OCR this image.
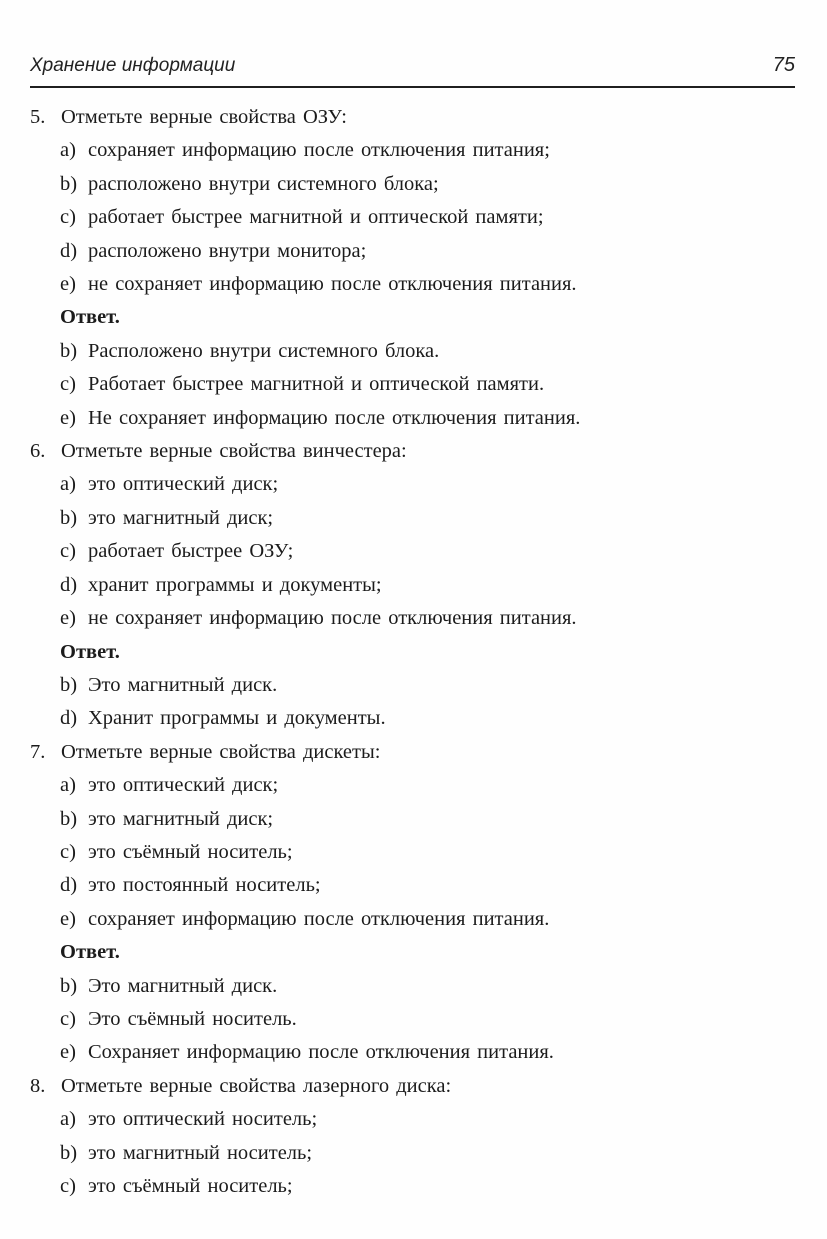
Хранение информации	75
5. Отметьте верные свойства ОЗУ:
a) сохраняет информацию после отключения питания;
b) расположено внутри системного блока;
c) работает быстрее магнитной и оптической памяти;
d) расположено внутри монитора;
e) не сохраняет информацию после отключения питания.
Ответ.
b) Расположено внутри системного блока.
c) Работает быстрее магнитной и оптической памяти.
e) Не сохраняет информацию после отключения питания.
6. Отметьте верные свойства винчестера:
a) это оптический диск;
b) это магнитный диск;
c) работает быстрее ОЗУ;
d) хранит программы и документы;
e) не сохраняет информацию после отключения питания.
Ответ.
b) Это магнитный диск.
d) Хранит программы и документы.
7. Отметьте верные свойства дискеты:
a) это оптический диск;
b) это магнитный диск;
c) это съёмный носитель;
d) это постоянный носитель;
e) сохраняет информацию после отключения питания.
Ответ.
b) Это магнитный диск.
c) Это съёмный носитель.
e) Сохраняет информацию после отключения питания.
8. Отметьте верные свойства лазерного диска:
a) это оптический носитель;
b) это магнитный носитель;
c) это съёмный носитель;
